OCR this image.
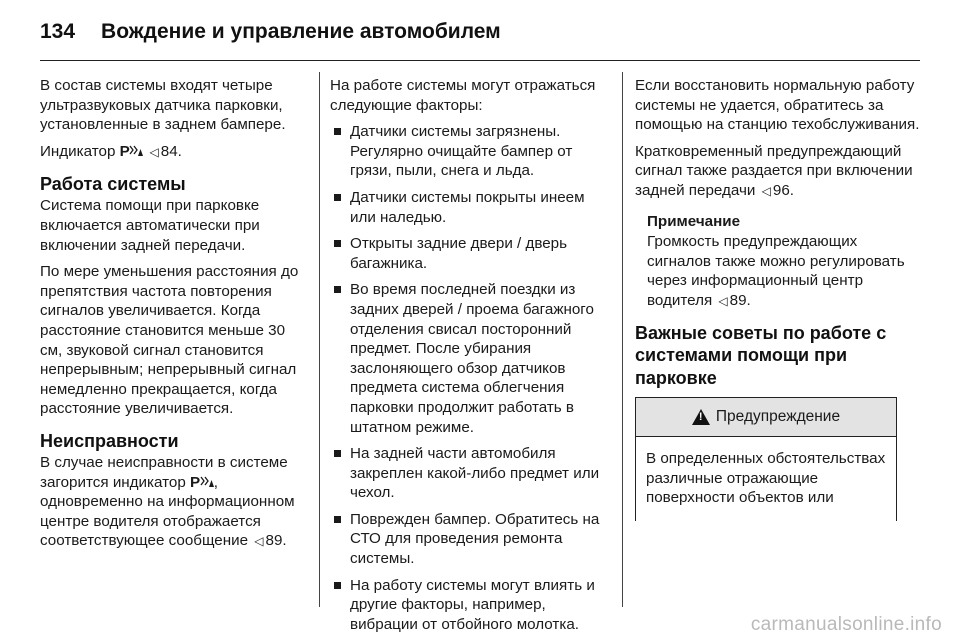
134 Вождение и управление автомобилем

В состав системы входят четыре ультразвуковых датчика парковки, установленные в заднем бампере.

Индикатор P ◁ 84.

Работа системы

Система помощи при парковке включается автоматически при включении задней передачи.

По мере уменьшения расстояния до препятствия частота повторения сигналов увеличивается. Когда расстояние становится меньше 30 см, звуковой сигнал становится непрерывным; непрерывный сигнал немедленно прекращается, когда расстояние увеличивается.

Неисправности

В случае неисправности в системе загорится индикатор P , одновременно на информационном центре водителя отображается соответствующее сообщение ◁ 89.

На работе системы могут отражаться следующие факторы:

Датчики системы загрязнены. Регулярно очищайте бампер от грязи, пыли, снега и льда.
Датчики системы покрыты инеем или наледью.
Открыты задние двери / дверь багажника.
Во время последней поездки из задних дверей / проема багажного отделения свисал посторонний предмет. После убирания заслоняющего обзор датчиков предмета система облегчения парковки продолжит работать в штатном режиме.
На задней части автомобиля закреплен какой-либо предмет или чехол.
Поврежден бампер. Обратитесь на СТО для проведения ремонта системы.
На работу системы могут влиять и другие факторы, например, вибрации от отбойного молотка.

Если восстановить нормальную работу системы не удается, обратитесь за помощью на станцию техобслуживания.

Кратковременный предупреждающий сигнал также раздается при включении задней передачи ◁ 96.

Примечание
Громкость предупреждающих сигналов также можно регулировать через информационный центр водителя ◁ 89.
Важные советы по работе с системами помощи при парковке
!
Предупреждение
В определенных обстоятельствах различные отражающие поверхности объектов или
carmanualsonline.info
